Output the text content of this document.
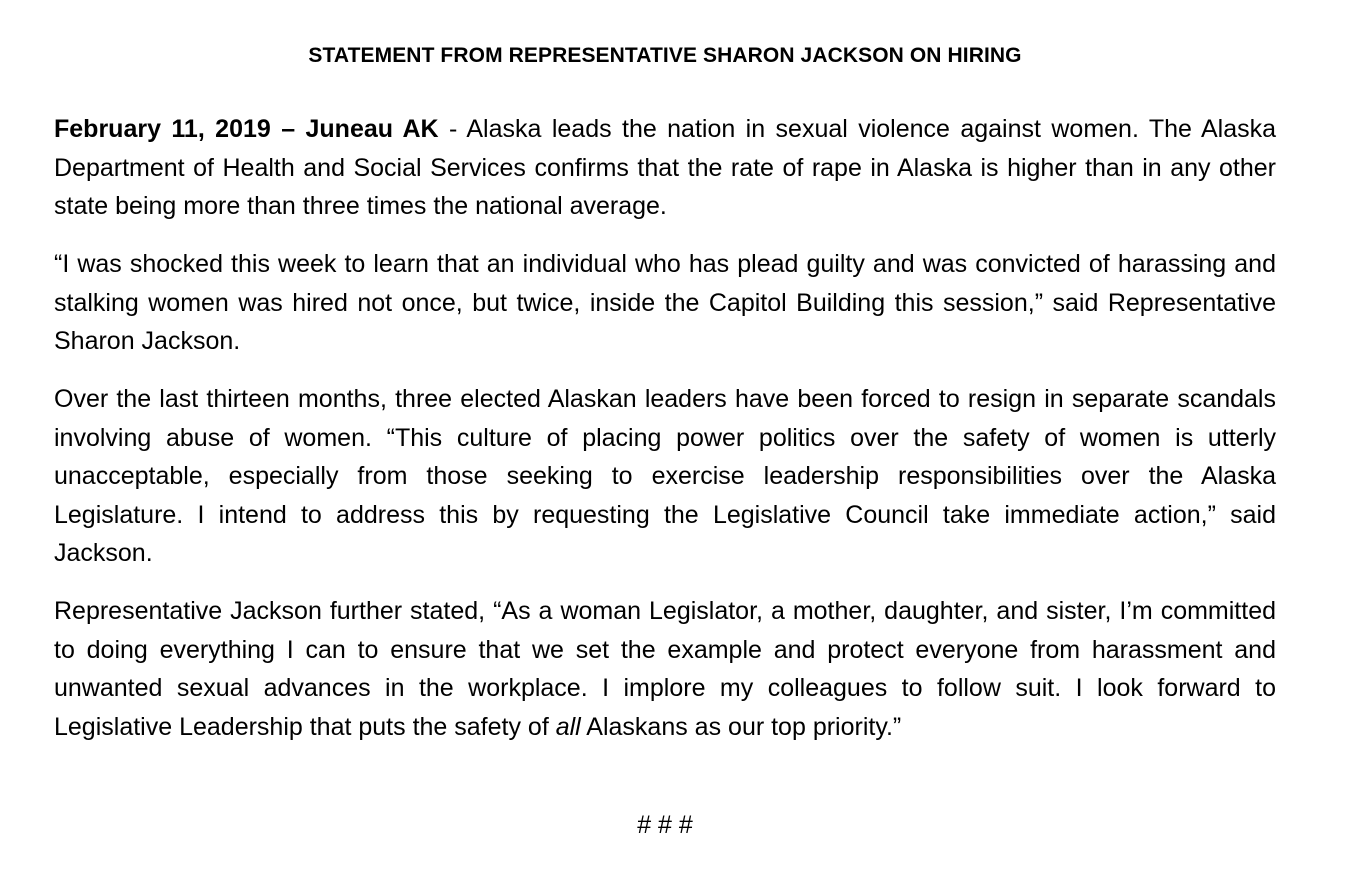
STATEMENT FROM REPRESENTATIVE SHARON JACKSON ON HIRING

February 11, 2019 – Juneau AK - Alaska leads the nation in sexual violence against women. The Alaska Department of Health and Social Services confirms that the rate of rape in Alaska is higher than in any other state being more than three times the national average.

“I was shocked this week to learn that an individual who has plead guilty and was convicted of harassing and stalking women was hired not once, but twice, inside the Capitol Building this session,” said Representative Sharon Jackson.

Over the last thirteen months, three elected Alaskan leaders have been forced to resign in separate scandals involving abuse of women. “This culture of placing power politics over the safety of women is utterly unacceptable, especially from those seeking to exercise leadership responsibilities over the Alaska Legislature. I intend to address this by requesting the Legislative Council take immediate action,” said Jackson.

Representative Jackson further stated, “As a woman Legislator, a mother, daughter, and sister, I’m committed to doing everything I can to ensure that we set the example and protect everyone from harassment and unwanted sexual advances in the workplace. I implore my colleagues to follow suit. I look forward to Legislative Leadership that puts the safety of all Alaskans as our top priority.”

# # #
